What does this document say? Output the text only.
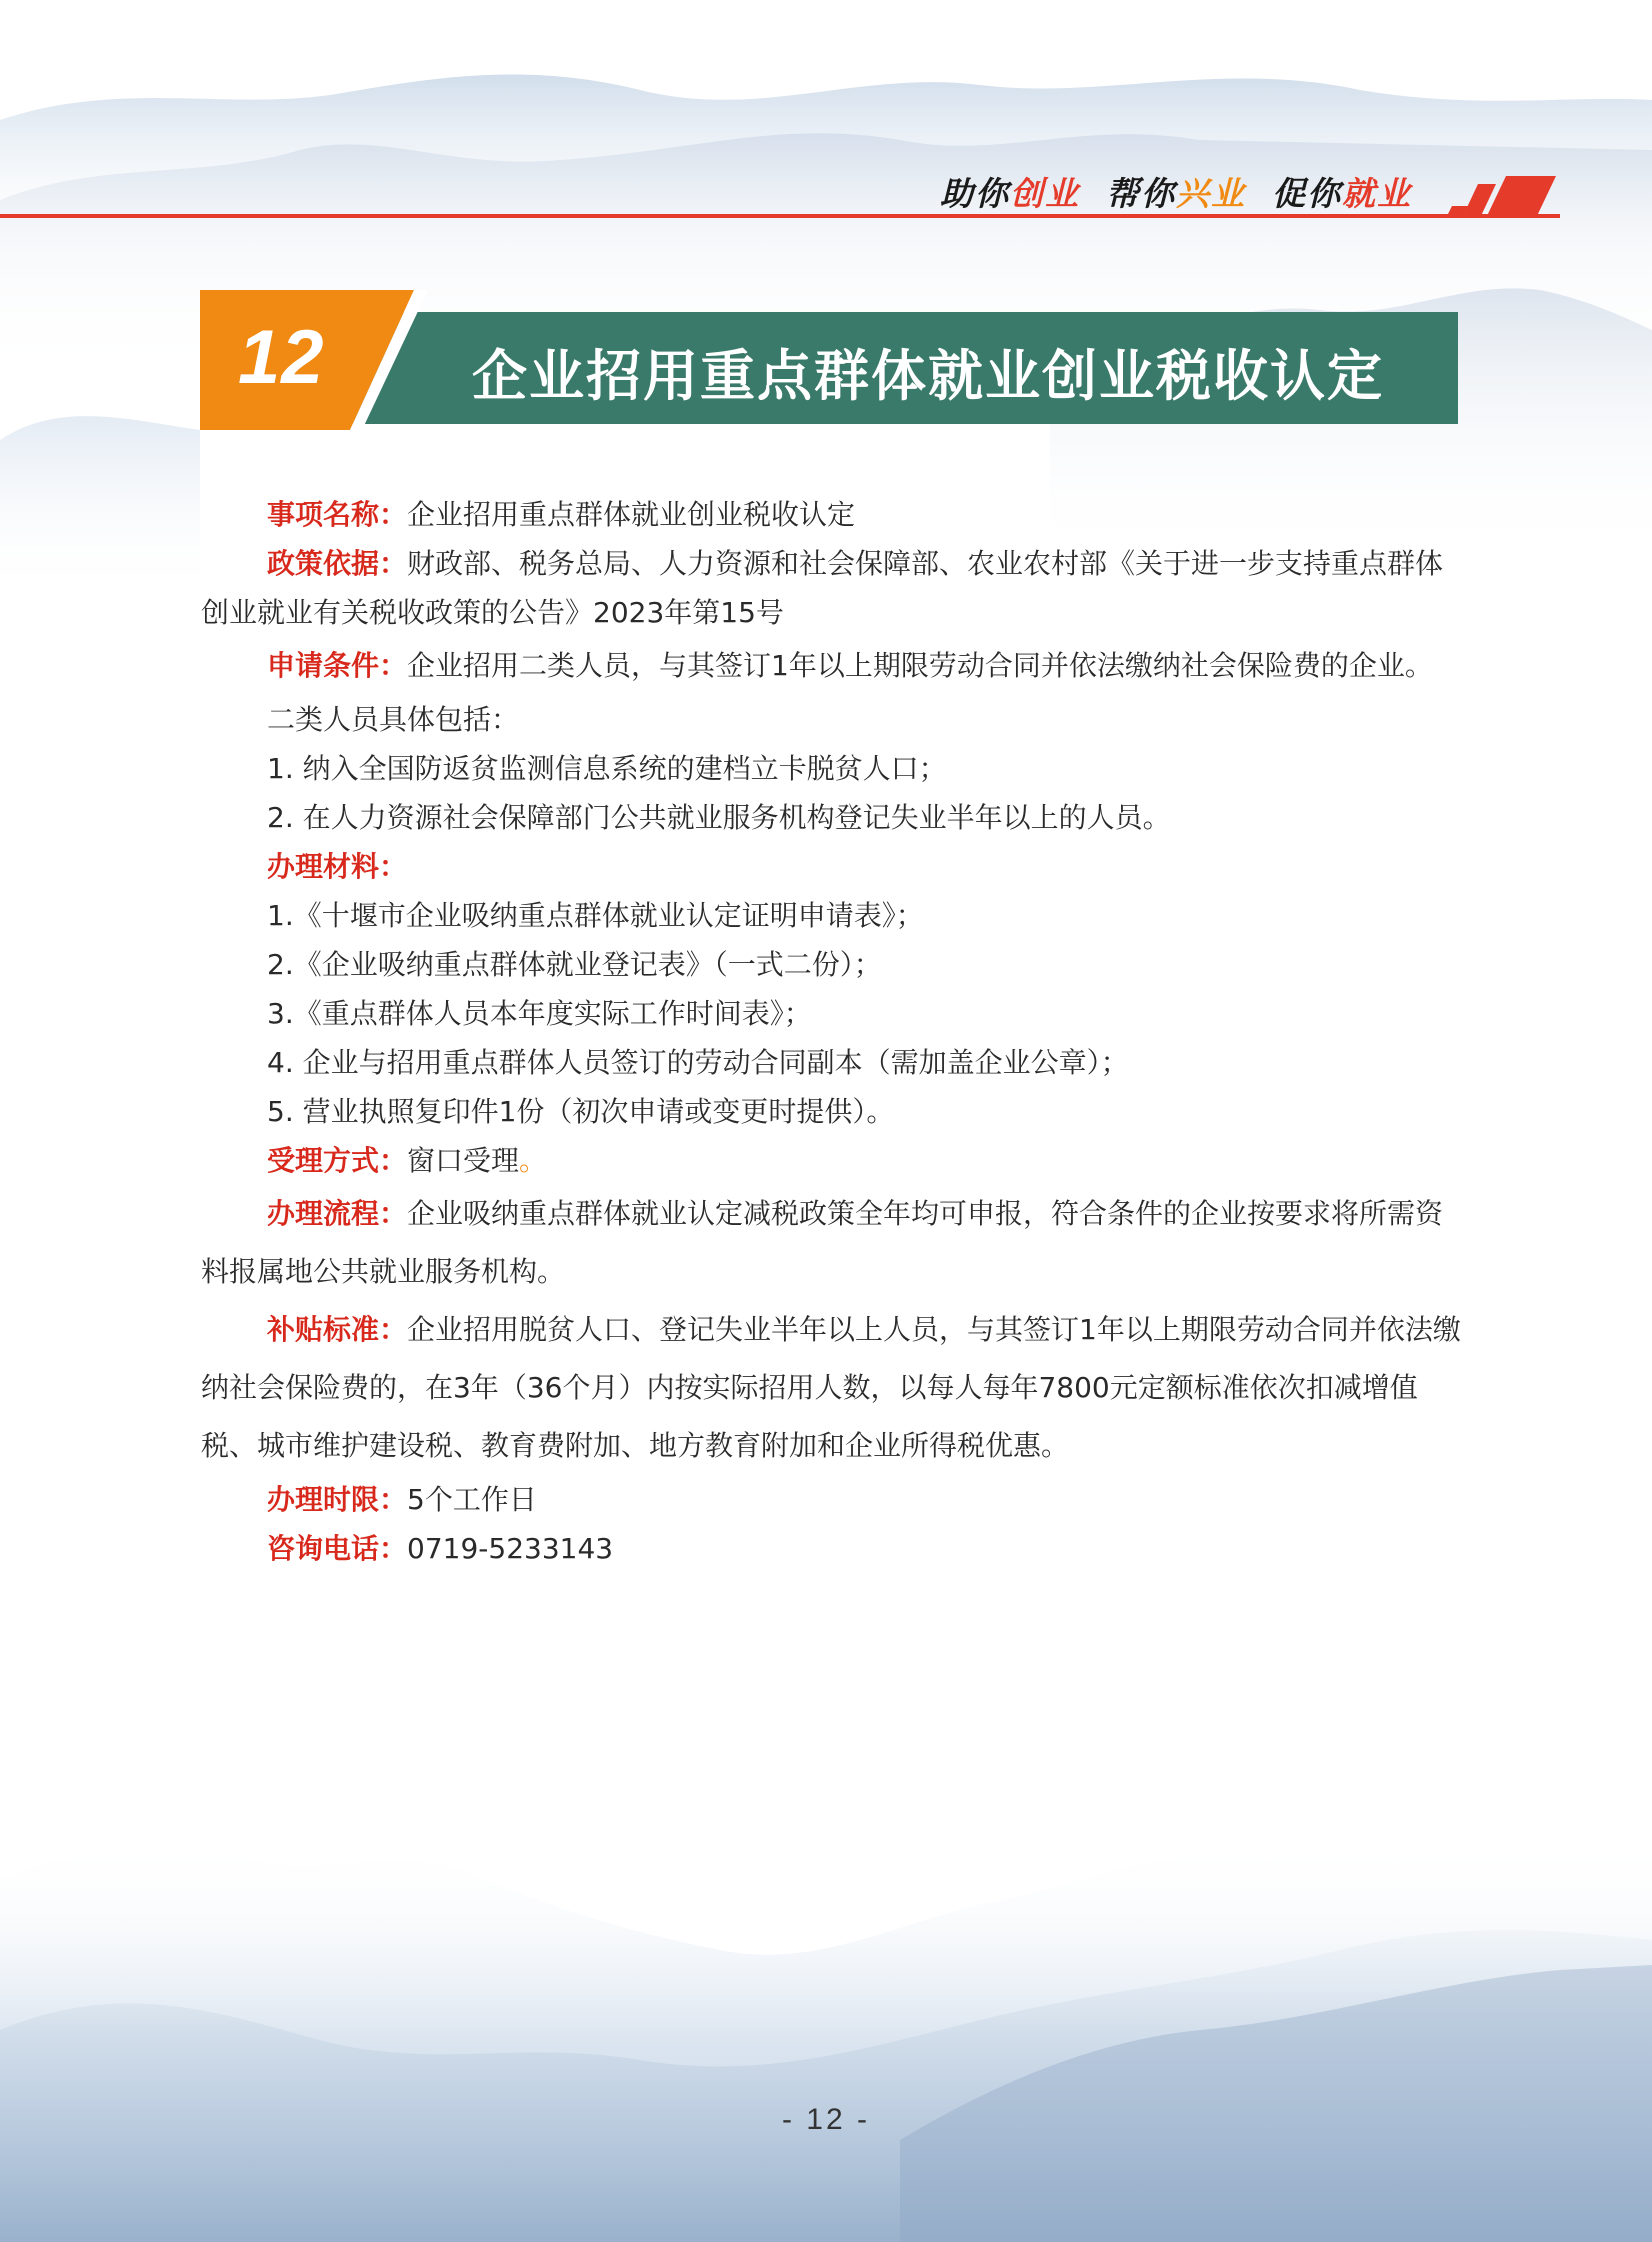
助你创业 帮你兴业 促你就业
12	企业招用重点群体就业创业税收认定

事项名称：企业招用重点群体就业创业税收认定

政策依据：财政部、税务总局、人力资源和社会保障部、农业农村部《关于进一步支持重点群体创业就业有关税收政策的公告》2023年第15号

申请条件：企业招用二类人员，与其签订1年以上期限劳动合同并依法缴纳社会保险费的企业。

二类人员具体包括：

1. 纳入全国防返贫监测信息系统的建档立卡脱贫人口；

2. 在人力资源社会保障部门公共就业服务机构登记失业半年以上的人员。

办理材料：

1.《十堰市企业吸纳重点群体就业认定证明申请表》；

2.《企业吸纳重点群体就业登记表》（一式二份）；

3.《重点群体人员本年度实际工作时间表》；

4. 企业与招用重点群体人员签订的劳动合同副本（需加盖企业公章）；

5. 营业执照复印件1份（初次申请或变更时提供）。

受理方式：窗口受理。

办理流程：企业吸纳重点群体就业认定减税政策全年均可申报，符合条件的企业按要求将所需资料报属地公共就业服务机构。

补贴标准：企业招用脱贫人口、登记失业半年以上人员，与其签订1年以上期限劳动合同并依法缴纳社会保险费的，在3年（36个月）内按实际招用人数，以每人每年7800元定额标准依次扣减增值税、城市维护建设税、教育费附加、地方教育附加和企业所得税优惠。

办理时限：5个工作日

咨询电话：0719-5233143

- 12 -
